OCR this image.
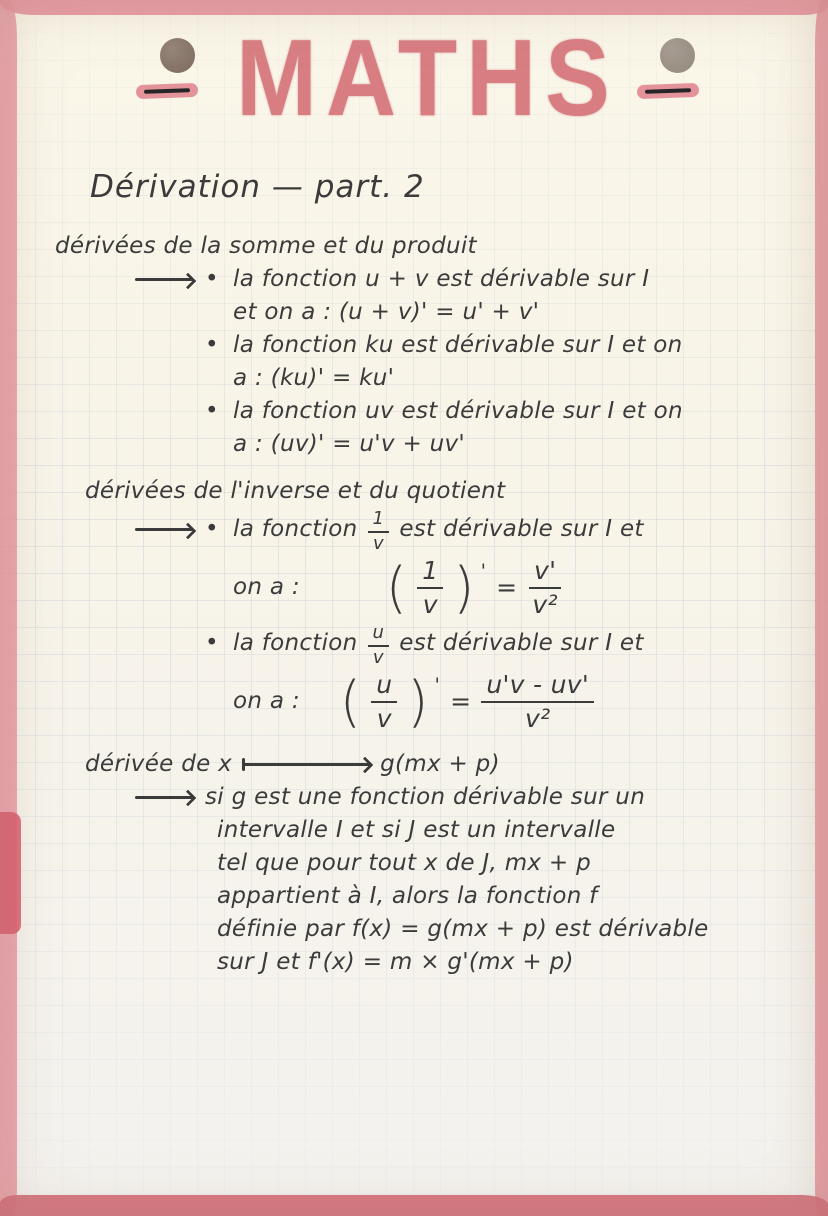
MATHS
Dérivation — part. 2
dérivées de la somme et du produit
• la fonction u + v est dérivable sur I
et on a : (u + v)' = u' + v'
• la fonction ku est dérivable sur I et on
a : (ku)' = ku'
• la fonction uv est dérivable sur I et on
a : (uv)' = u'v + uv'
dérivées de l'inverse et du quotient
• la fonction $\frac{1}{v}$ est dérivable sur I et
on a : ( $\frac{1}{v}$ ) '
= $\frac{v'}{\text{v²}}$
• la fonction $\frac{u}{v}$ est dérivable sur I et
on a : ( $\frac{u}{v}$ ) '
= $\frac{u'v - uv'}{\text{v²}}$
dérivée de x	g(mx + p)
si g est une fonction dérivable sur un
intervalle I et si J est un intervalle
tel que pour tout x de J, mx + p
appartient à I, alors la fonction f
définie par f(x) = g(mx + p) est dérivable
sur J et f'(x) = m × g'(mx + p)
